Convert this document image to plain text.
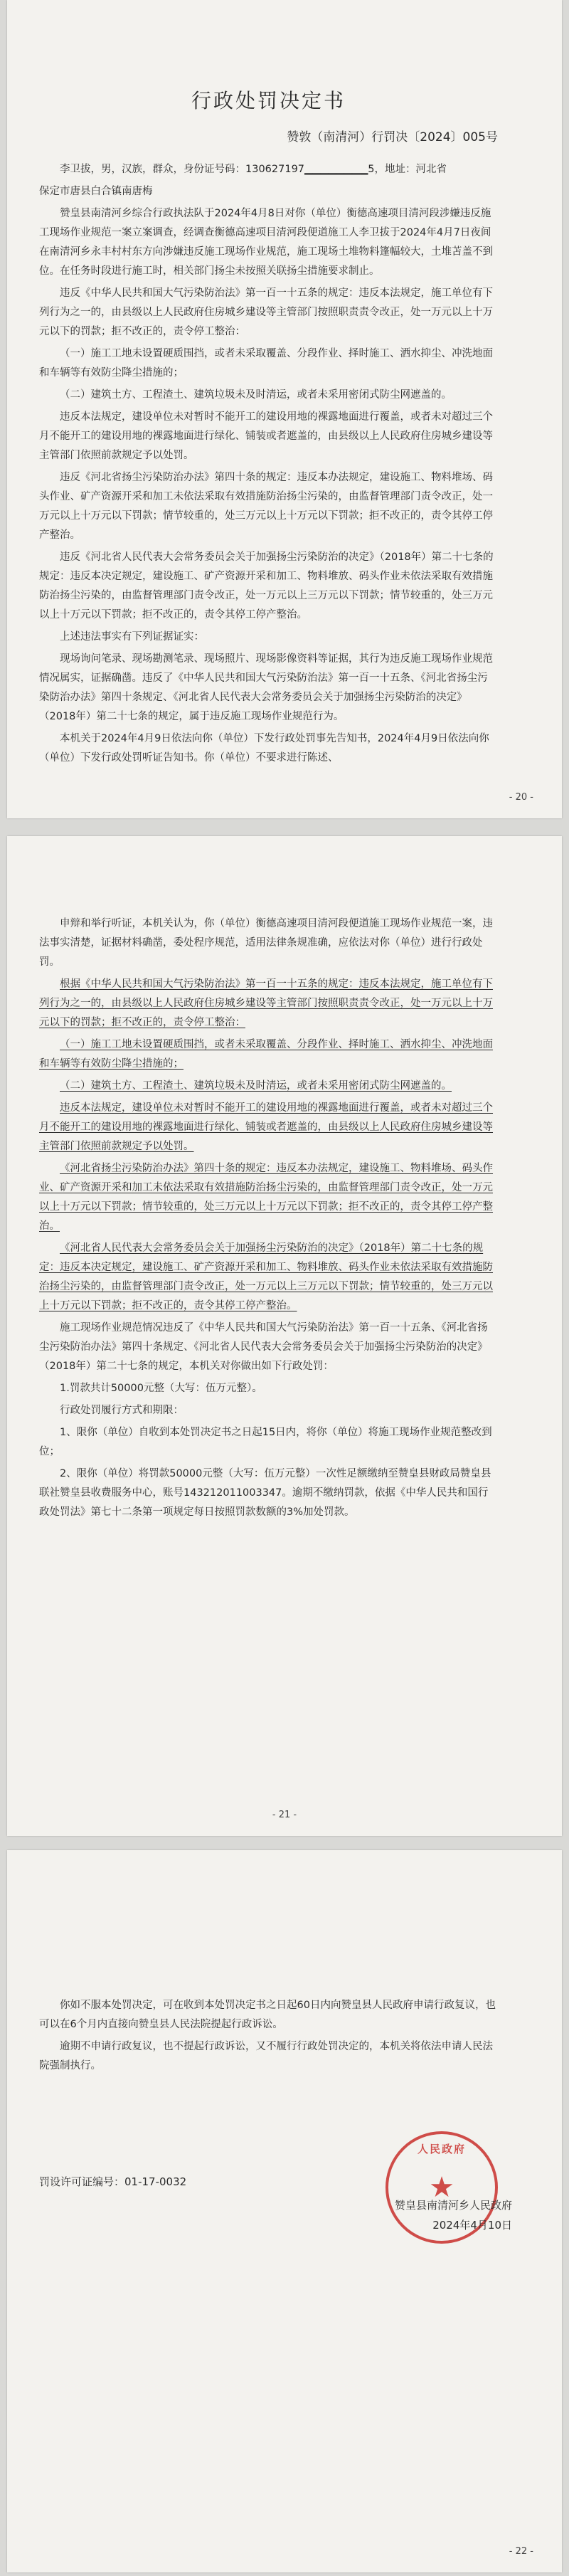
行政处罚决定书
赞敦（南清河）行罚决〔2024〕005号

李卫拔，男，汉族，群众，身份证号码：130627197▁▁▁▁▁▁▁▁5，地址：河北省

保定市唐县白合镇南唐梅

赞皇县南清河乡综合行政执法队于2024年4月8日对你（单位）衡德高速项目清河段涉嫌违反施工现场作业规范一案立案调查，经调查衡德高速项目清河段便道施工人李卫拔于2024年4月7日夜间在南清河乡永丰村村东方向涉嫌违反施工现场作业规范，施工现场土堆物料篷幅较大，土堆苫盖不到位。在任务时段进行施工时，相关部门扬尘未按照关联扬尘措施要求制止。

违反《中华人民共和国大气污染防治法》第一百一十五条的规定：违反本法规定，施工单位有下列行为之一的，由县级以上人民政府住房城乡建设等主管部门按照职责责令改正，处一万元以上十万元以下的罚款；拒不改正的，责令停工整治：

（一）施工工地未设置硬质围挡，或者未采取覆盖、分段作业、择时施工、洒水抑尘、冲洗地面和车辆等有效防尘降尘措施的；

（二）建筑土方、工程渣土、建筑垃圾未及时清运，或者未采用密闭式防尘网遮盖的。

违反本法规定，建设单位未对暂时不能开工的建设用地的裸露地面进行覆盖，或者未对超过三个月不能开工的建设用地的裸露地面进行绿化、铺装或者遮盖的，由县级以上人民政府住房城乡建设等主管部门依照前款规定予以处罚。

违反《河北省扬尘污染防治办法》第四十条的规定：违反本办法规定，建设施工、物料堆场、码头作业、矿产资源开采和加工未依法采取有效措施防治扬尘污染的，由监督管理部门责令改正，处一万元以上十万元以下罚款；情节较重的，处三万元以上十万元以下罚款；拒不改正的，责令其停工停产整治。

违反《河北省人民代表大会常务委员会关于加强扬尘污染防治的决定》（2018年）第二十七条的规定：违反本决定规定，建设施工、矿产资源开采和加工、物料堆放、码头作业未依法采取有效措施防治扬尘污染的，由监督管理部门责令改正，处一万元以上三万元以下罚款；情节较重的，处三万元以上十万元以下罚款；拒不改正的，责令其停工停产整治。

上述违法事实有下列证据证实：

现场询问笔录、现场勘测笔录、现场照片、现场影像资料等证据，其行为违反施工现场作业规范情况属实，证据确凿。违反了《中华人民共和国大气污染防治法》第一百一十五条、《河北省扬尘污染防治办法》第四十条规定、《河北省人民代表大会常务委员会关于加强扬尘污染防治的决定》（2018年）第二十七条的规定，属于违反施工现场作业规范行为。

本机关于2024年4月9日依法向你（单位）下发行政处罚事先告知书，2024年4月9日依法向你（单位）下发行政处罚听证告知书。你（单位）不要求进行陈述、

- 20 -

申辩和举行听证，本机关认为，你（单位）衡德高速项目清河段便道施工现场作业规范一案，违法事实清楚，证据材料确凿，委处程序规范，适用法律条规准确，应依法对你（单位）进行行政处罚。

根据《中华人民共和国大气污染防治法》第一百一十五条的规定：违反本法规定，施工单位有下列行为之一的，由县级以上人民政府住房城乡建设等主管部门按照职责责令改正，处一万元以上十万元以下的罚款；拒不改正的，责令停工整治：

（一）施工工地未设置硬质围挡，或者未采取覆盖、分段作业、择时施工、洒水抑尘、冲洗地面和车辆等有效防尘降尘措施的；

（二）建筑土方、工程渣土、建筑垃圾未及时清运，或者未采用密闭式防尘网遮盖的。

违反本法规定，建设单位未对暂时不能开工的建设用地的裸露地面进行覆盖，或者未对超过三个月不能开工的建设用地的裸露地面进行绿化、铺装或者遮盖的，由县级以上人民政府住房城乡建设等主管部门依照前款规定予以处罚。

《河北省扬尘污染防治办法》第四十条的规定：违反本办法规定，建设施工、物料堆场、码头作业、矿产资源开采和加工未依法采取有效措施防治扬尘污染的，由监督管理部门责令改正，处一万元以上十万元以下罚款；情节较重的，处三万元以上十万元以下罚款；拒不改正的，责令其停工停产整治。

《河北省人民代表大会常务委员会关于加强扬尘污染防治的决定》（2018年）第二十七条的规定：违反本决定规定，建设施工、矿产资源开采和加工、物料堆放、码头作业未依法采取有效措施防治扬尘污染的，由监督管理部门责令改正，处一万元以上三万元以下罚款；情节较重的，处三万元以上十万元以下罚款；拒不改正的，责令其停工停产整治。

施工现场作业规范情况违反了《中华人民共和国大气污染防治法》第一百一十五条、《河北省扬尘污染防治办法》第四十条规定、《河北省人民代表大会常务委员会关于加强扬尘污染防治的决定》（2018年）第二十七条的规定，本机关对你做出如下行政处罚：

1.罚款共计50000元整（大写：伍万元整）。

行政处罚履行方式和期限：

1、限你（单位）自收到本处罚决定书之日起15日内，将你（单位）将施工现场作业规范整改到位；

2、限你（单位）将罚款50000元整（大写：伍万元整）一次性足额缴纳至赞皇县财政局赞皇县联社赞皇县收费服务中心，账号143212011003347。逾期不缴纳罚款，依据《中华人民共和国行政处罚法》第七十二条第一项规定每日按照罚款数额的3%加处罚款。

- 21 -

你如不服本处罚决定，可在收到本处罚决定书之日起60日内向赞皇县人民政府申请行政复议，也可以在6个月内直接向赞皇县人民法院提起行政诉讼。

逾期不申请行政复议，也不提起行政诉讼，又不履行行政处罚决定的，本机关将依法申请人民法院强制执行。

罚设许可证编号：01-17-0032
人民政府
★
赞皇县南清河乡人民政府
2024年4月10日
- 22 -
